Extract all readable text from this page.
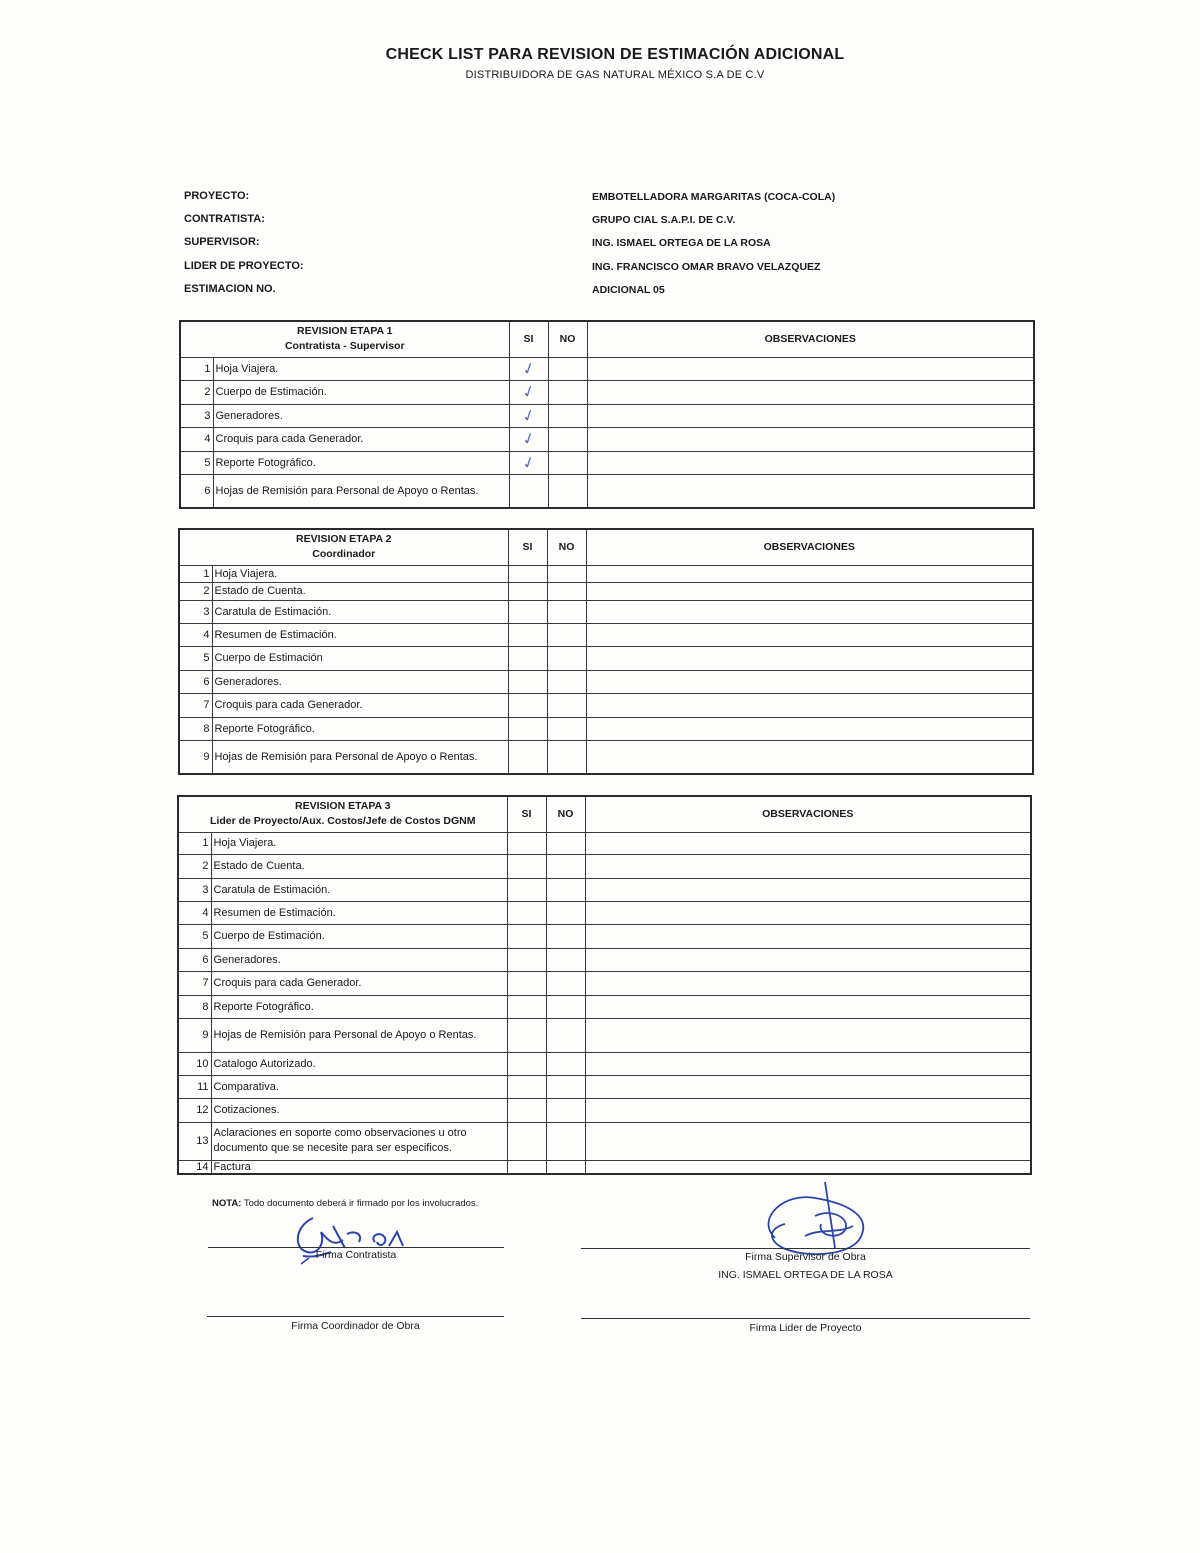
CHECK LIST PARA REVISION DE ESTIMACIÓN ADICIONAL
DISTRIBUIDORA DE GAS NATURAL MÉXICO S.A DE C.V
PROYECTO:	EMBOTELLADORA MARGARITAS (COCA-COLA)
CONTRATISTA:	GRUPO CIAL S.A.P.I. DE C.V.
SUPERVISOR:	ING. ISMAEL ORTEGA DE LA ROSA
LIDER DE PROYECTO:	ING. FRANCISCO OMAR BRAVO VELAZQUEZ
ESTIMACION NO.	ADICIONAL 05
REVISION ETAPA 1
Contratista - Supervisor		SI	NO	OBSERVACIONES
1	Hoja Viajera.	✓		

2	Cuerpo de Estimación.	✓		

3	Generadores.	✓		

4	Croquis para cada Generador.	✓		

5	Reporte Fotográfico.	✓		

6	Hojas de Remisión para Personal de Apoyo o Rentas.			
REVISION ETAPA 2
Coordinador		SI	NO	OBSERVACIONES
1	Hoja Viajera.			
2	Estado de Cuenta.			
3	Caratula de Estimación.			
4	Resumen de Estimación.			
5	Cuerpo de Estimación			
6	Generadores.			
7	Croquis para cada Generador.			
8	Reporte Fotográfico.			
9	Hojas de Remisión para Personal de Apoyo o Rentas.			
REVISION ETAPA 3
Lider de Proyecto/Aux. Costos/Jefe de Costos DGNM		SI	NO	OBSERVACIONES
1	Hoja Viajera.			
2	Estado de Cuenta.			
3	Caratula de Estimación.			
4	Resumen de Estimación.			
5	Cuerpo de Estimación.			
6	Generadores.			
7	Croquis para cada Generador.			
8	Reporte Fotográfico.			
9	Hojas de Remisión para Personal de Apoyo o Rentas.			
10	Catalogo Autorizado.			
11	Comparativa.			
12	Cotizaciones.			
13	Aclaraciones en soporte como observaciones u otro documento que se necesite para ser especificos.			
14	Factura			
NOTA: Todo documento deberá ir firmado por los involucrados.
Firma Contratista	Firma Supervisor de Obra
ING. ISMAEL ORTEGA DE LA ROSA
Firma Coordinador de Obra	Firma Lider de Proyecto
